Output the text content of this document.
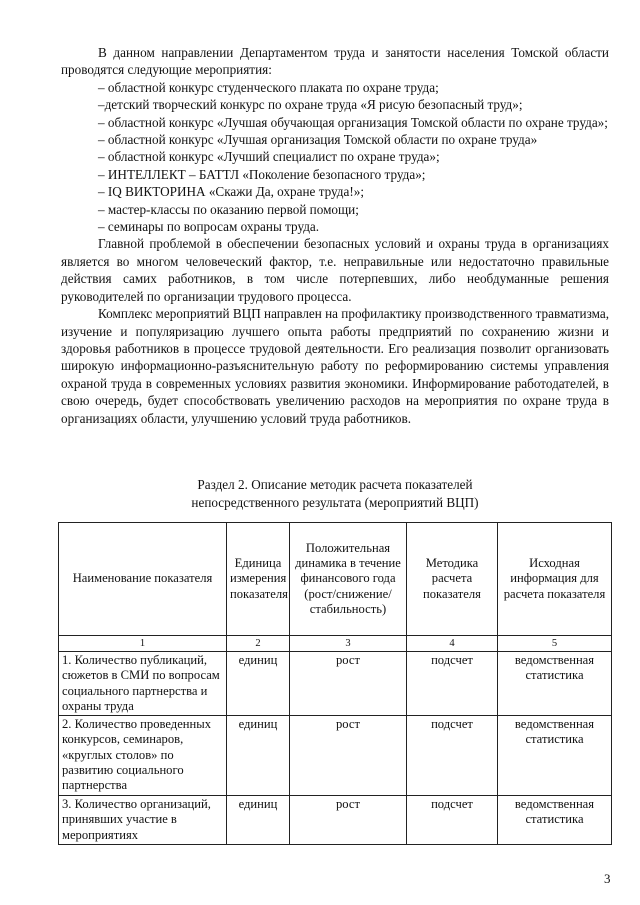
В данном направлении Департаментом труда и занятости населения Томской области проводятся следующие мероприятия:

– областной конкурс студенческого плаката по охране труда;

–детский творческий конкурс по охране труда «Я рисую безопасный труд»;

– областной конкурс «Лучшая обучающая организация Томской области по охране труда»;

– областной конкурс «Лучшая организация Томской области по охране труда»

– областной конкурс «Лучший специалист по охране труда»;

– ИНТЕЛЛЕКТ – БАТТЛ «Поколение безопасного труда»;

– IQ ВИКТОРИНА «Скажи Да, охране труда!»;

– мастер-классы по оказанию первой помощи;

– семинары по вопросам охраны труда.

Главной проблемой в обеспечении безопасных условий и охраны труда в организациях является во многом человеческий фактор, т.е. неправильные или недостаточно правильные действия самих работников, в том числе потерпевших, либо необдуманные решения руководителей по организации трудового процесса.

Комплекс мероприятий ВЦП направлен на профилактику производственного травматизма, изучение и популяризацию лучшего опыта работы предприятий по сохранению жизни и здоровья работников в процессе трудовой деятельности. Его реализация позволит организовать широкую информационно-разъяснительную работу по реформированию системы управления охраной труда в современных условиях развития экономики. Информирование работодателей, в свою очередь, будет способствовать увеличению расходов на мероприятия по охране труда в организациях области, улучшению условий труда работников.

Раздел 2. Описание методик расчета показателей
непосредственного результата (мероприятий ВЦП)
Наименование показателя	Единица измерения показателя	Положительная динамика в течение финансового года (рост/снижение/ стабильность)	Методика расчета показателя	Исходная информация для расчета показателя
1	2	3	4	5
1. Количество публикаций, сюжетов в СМИ по вопросам социального партнерства и охраны труда	единиц	рост	подсчет	ведомственная статистика
2. Количество проведенных конкурсов, семинаров, «круглых столов» по развитию социального партнерства	единиц	рост	подсчет	ведомственная статистика
3. Количество организаций, принявших участие в мероприятиях	единиц	рост	подсчет	ведомственная статистика
3
